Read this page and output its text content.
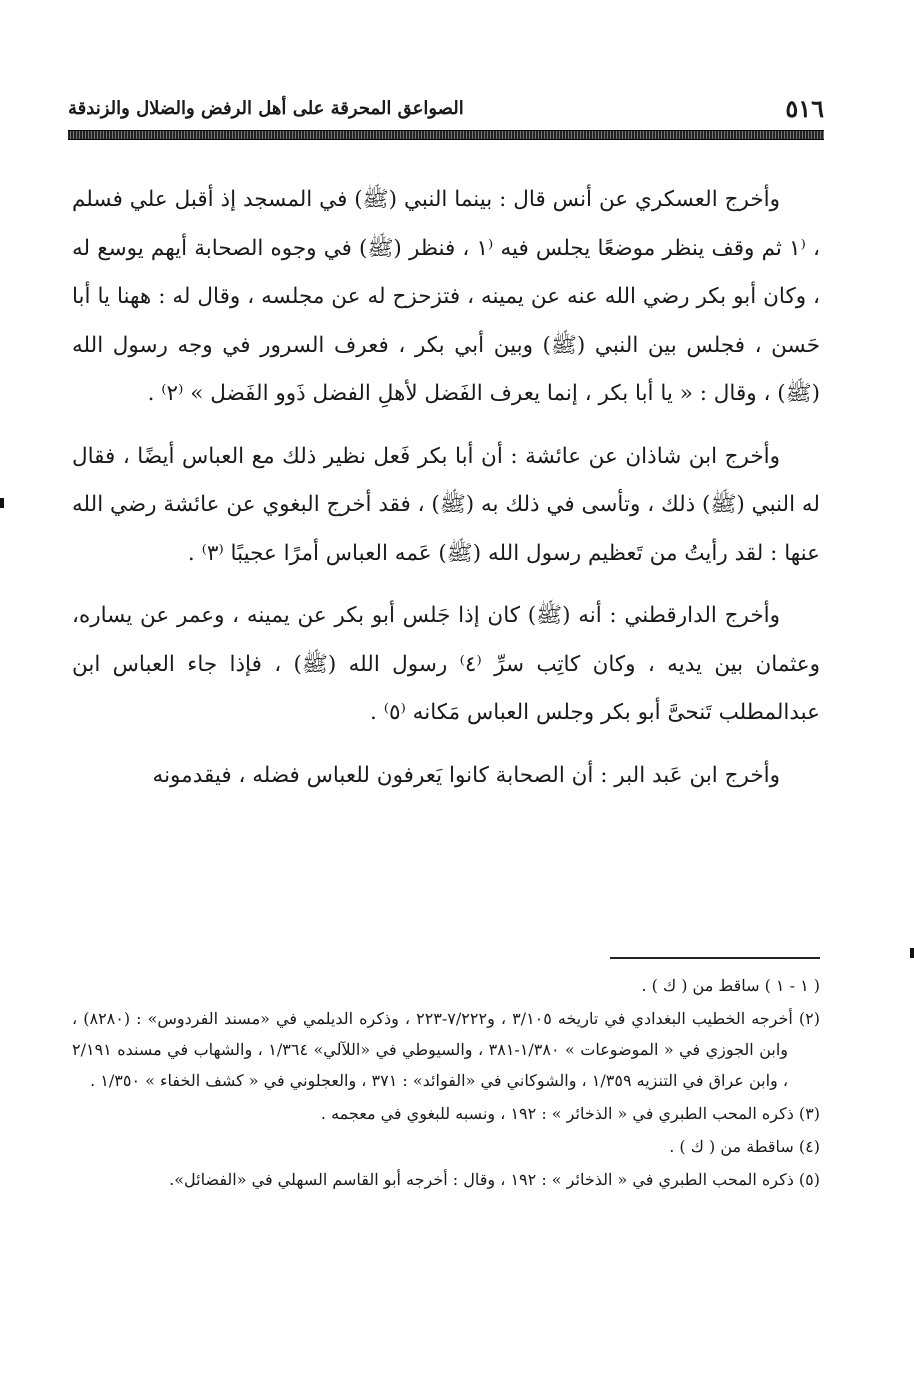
٥١٦
الصواعق المحرقة على أهل الرفض والضلال والزندقة

وأخرج العسكري عن أنس قال : بينما النبي (ﷺ) في المسجد إذ أقبل علي فسلم ، ⁽١ ثم وقف ينظر موضعًا يجلس فيه ⁽١ ، فنظر (ﷺ) في وجوه الصحابة أيهم يوسع له ، وكان أبو بكر رضي الله عنه عن يمينه ، فتزحزح له عن مجلسه ، وقال له : ههنا يا أبا حَسن ، فجلس بين النبي (ﷺ) وبين أبي بكر ، فعرف السرور في وجه رسول الله (ﷺ) ، وقال : « يا أبا بكر ، إنما يعرف الفَضل لأهلِ الفضل ذَوو الفَضل » ⁽٢⁾ .

وأخرج ابن شاذان عن عائشة : أن أبا بكر فَعل نظير ذلك مع العباس أيضًا ، فقال له النبي (ﷺ) ذلك ، وتأسى في ذلك به (ﷺ) ، فقد أخرج البغوي عن عائشة رضي الله عنها : لقد رأيتُ من تَعظيم رسول الله (ﷺ) عَمه العباس أمرًا عجيبًا ⁽٣⁾ .

وأخرج الدارقطني : أنه (ﷺ) كان إذا جَلس أبو بكر عن يمينه ، وعمر عن يساره، وعثمان بين يديه ، وكان كاتِب سرِّ ⁽٤⁾ رسول الله (ﷺ) ، فإذا جاء العباس ابن عبدالمطلب تَنحىَّ أبو بكر وجلس العباس مَكانه ⁽٥⁾ .

وأخرج ابن عَبد البر : أن الصحابة كانوا يَعرفون للعباس فضله ، فيقدمونه

( ١ - ١ ) ساقط من ( ك ) .
(٢) أخرجه الخطيب البغدادي في تاريخه ٣/١٠٥ ، و٧/٢٢٢-٢٢٣ ، وذكره الديلمي في «مسند الفردوس» : (٨٢٨٠) ، وابن الجوزي في « الموضوعات » ١/٣٨٠-٣٨١ ، والسيوطي في «اللآلي» ١/٣٦٤ ، والشهاب في مسنده ٢/١٩١ ، وابن عراق في التنزيه ١/٣٥٩ ، والشوكاني في «الفوائد» : ٣٧١ ، والعجلوني في « كشف الخفاء » ١/٣٥٠ .
(٣) ذكره المحب الطبري في « الذخائر » : ١٩٢ ، ونسبه للبغوي في معجمه .
(٤) ساقطة من ( ك ) .
(٥) ذكره المحب الطبري في « الذخائر » : ١٩٢ ، وقال : أخرجه أبو القاسم السهلي في «الفضائل».
